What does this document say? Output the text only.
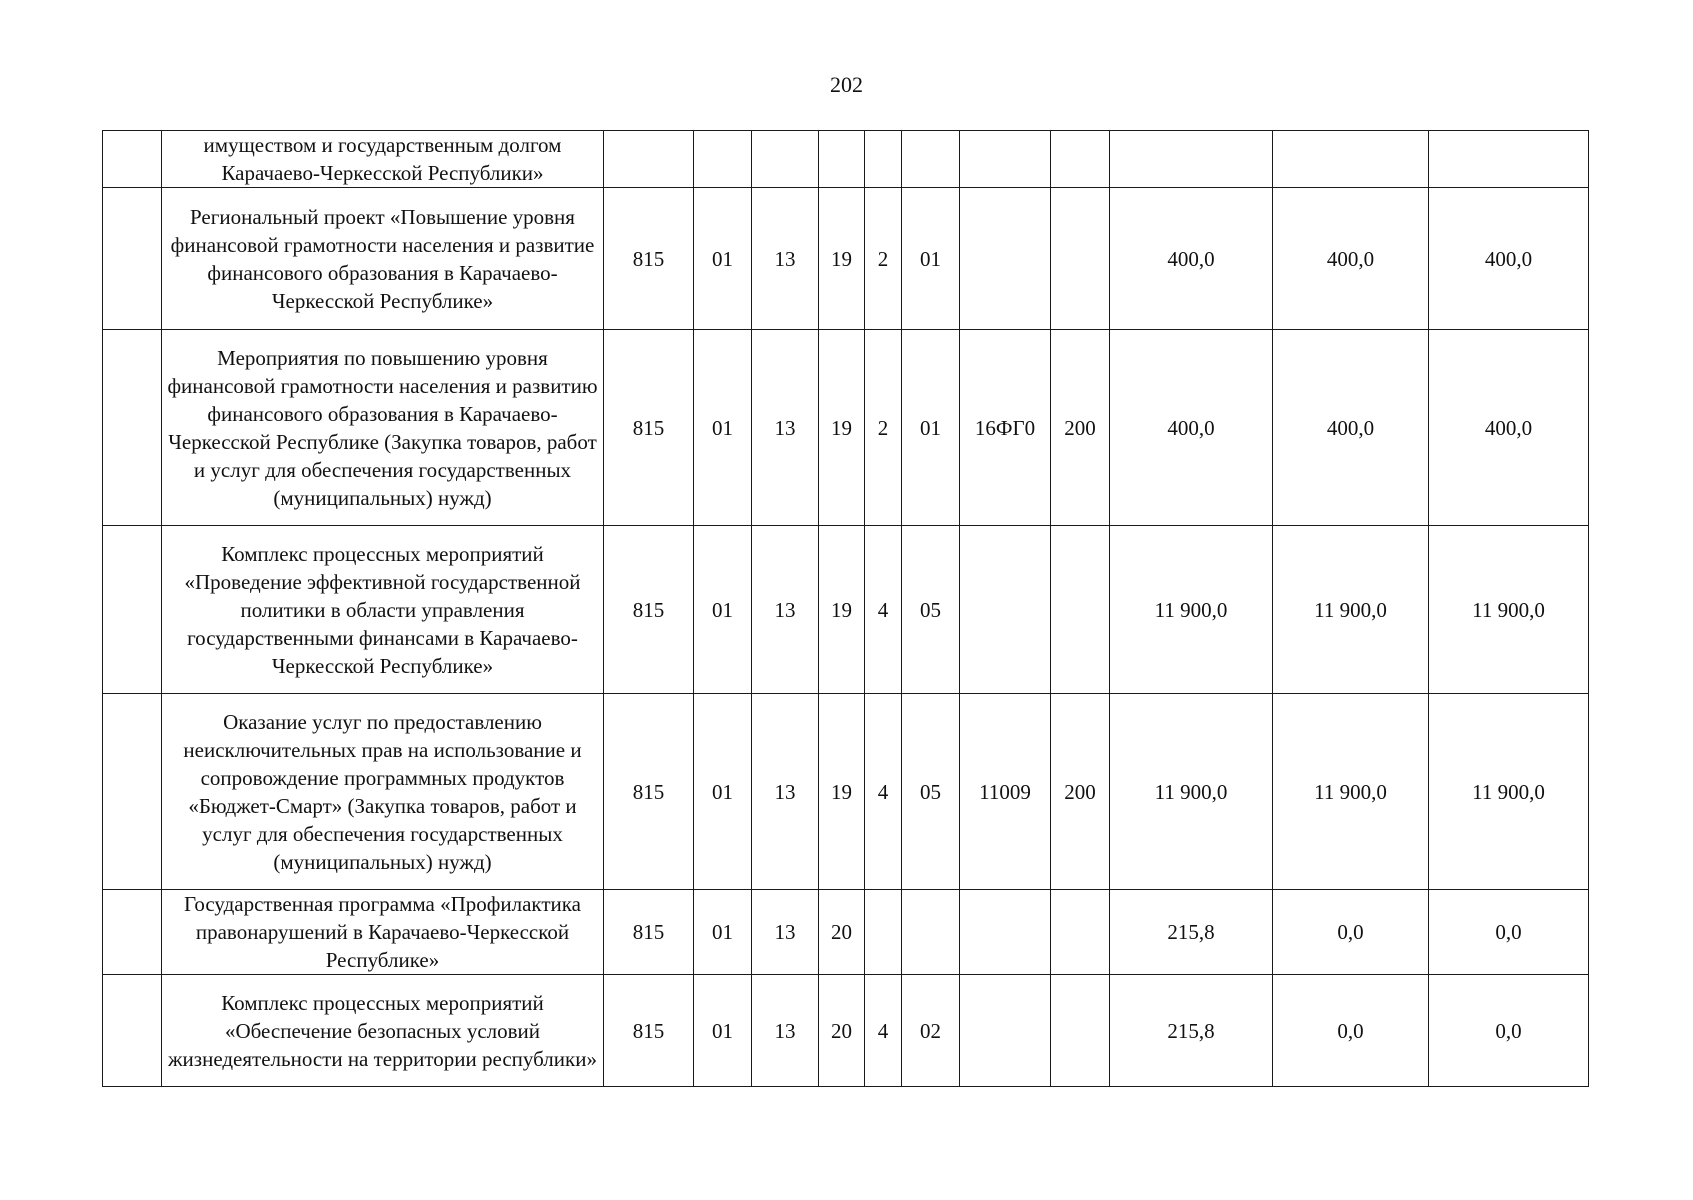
202
	имуществом и государственным долгом Карачаево-Черкесской Республики»											
	Региональный проект «Повышение уровня финансовой грамотности населения и развитие финансового образования в Карачаево-Черкесской Республике»	815	01	13	19	2	01			400,0	400,0	400,0
	Мероприятия по повышению уровня финансовой грамотности населения и развитию финансового образования в Карачаево-Черкесской Республике (Закупка товаров, работ и услуг для обеспечения государственных (муниципальных) нужд)	815	01	13	19	2	01	16ФГ0	200	400,0	400,0	400,0
	Комплекс процессных мероприятий «Проведение эффективной государственной политики в области управления государственными финансами в Карачаево-Черкесской Республике»	815	01	13	19	4	05			11 900,0	11 900,0	11 900,0
	Оказание услуг по предоставлению неисключительных прав на использование и сопровождение программных продуктов «Бюджет-Смарт» (Закупка товаров, работ и услуг для обеспечения государственных (муниципальных) нужд)	815	01	13	19	4	05	11009	200	11 900,0	11 900,0	11 900,0
	Государственная программа «Профилактика правонарушений в Карачаево-Черкесской Республике»	815	01	13	20					215,8	0,0	0,0
	Комплекс процессных мероприятий «Обеспечение безопасных условий жизнедеятельности на территории республики»	815	01	13	20	4	02			215,8	0,0	0,0
